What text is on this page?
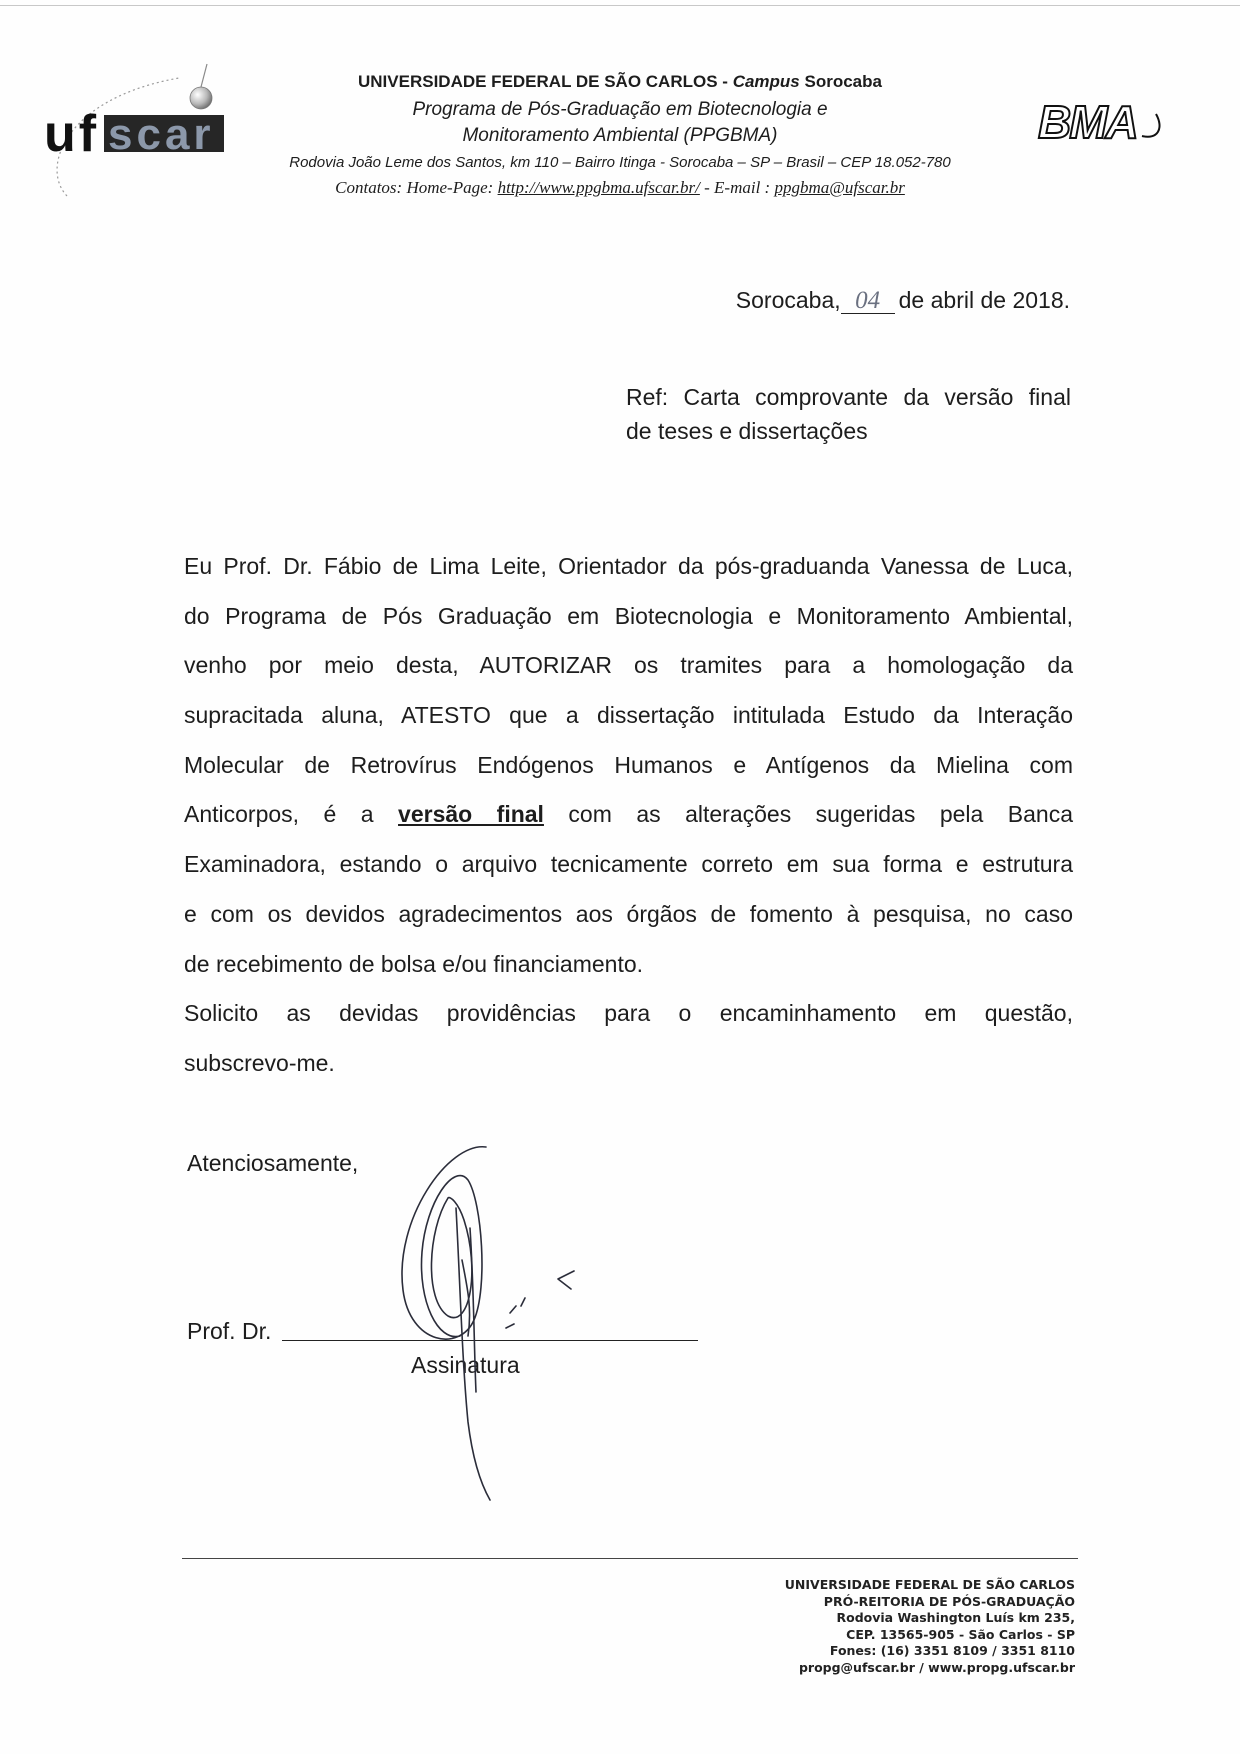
uf scar	BMA
UNIVERSIDADE FEDERAL DE SÃO CARLOS - Campus Sorocaba
Programa de Pós-Graduação em Biotecnologia e
Monitoramento Ambiental (PPGBMA)
Rodovia João Leme dos Santos, km 110 – Bairro Itinga - Sorocaba – SP – Brasil – CEP 18.052-780
Contatos: Home-Page: http://www.ppgbma.ufscar.br/ - E-mail : ppgbma@ufscar.br
Sorocaba, 04 de abril de 2018.
Ref: Carta comprovante da versão final
de teses e dissertações
Eu Prof. Dr. Fábio de Lima Leite, Orientador da pós-graduanda Vanessa de Luca,
do Programa de Pós Graduação em Biotecnologia e Monitoramento Ambiental,
venho por meio desta, AUTORIZAR os tramites para a homologação da
supracitada aluna, ATESTO que a dissertação intitulada Estudo da Interação
Molecular de Retrovírus Endógenos Humanos e Antígenos da Mielina com
Anticorpos, é a versão final com as alterações sugeridas pela Banca
Examinadora, estando o arquivo tecnicamente correto em sua forma e estrutura
e com os devidos agradecimentos aos órgãos de fomento à pesquisa, no caso
de recebimento de bolsa e/ou financiamento.
Solicito as devidas providências para o encaminhamento em questão,
subscrevo-me.
Atenciosamente,
Prof. Dr.
Assinatura
UNIVERSIDADE FEDERAL DE SÃO CARLOS
PRÓ-REITORIA DE PÓS-GRADUAÇÃO
Rodovia Washington Luís km 235,
CEP. 13565-905 - São Carlos - SP
Fones: (16) 3351 8109 / 3351 8110
propg@ufscar.br / www.propg.ufscar.br
